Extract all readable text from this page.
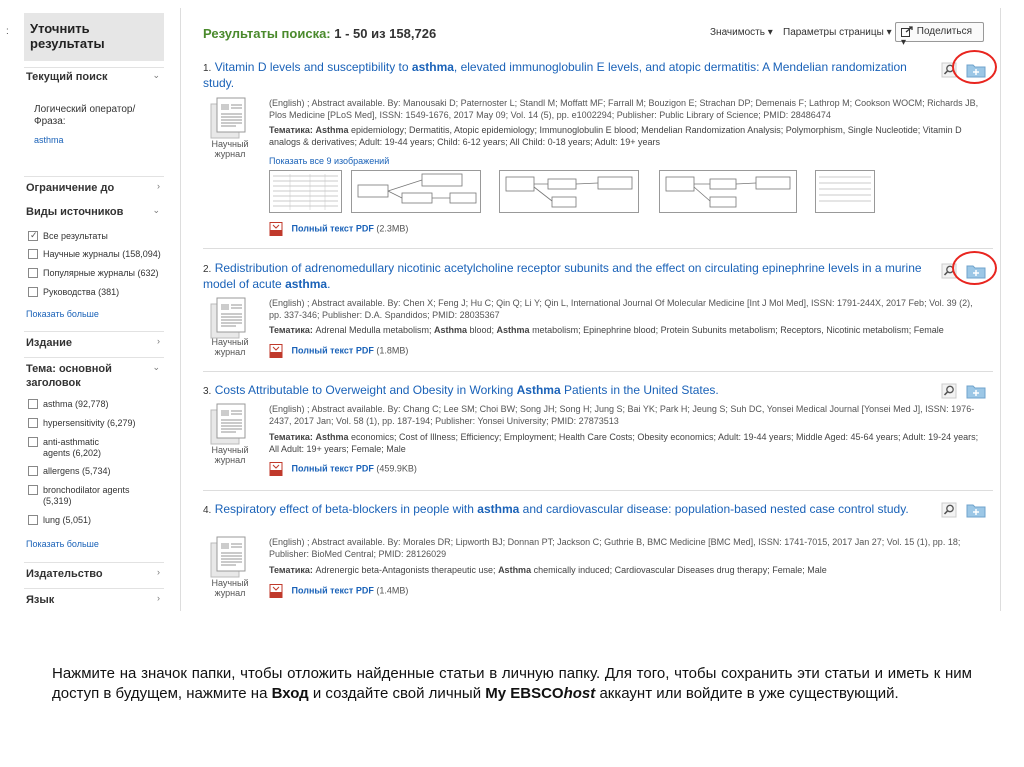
:	Уточнить результаты
Текущий поиск	⌄
Логический оператор/Фраза:
asthma
Ограничение до	›
Виды источников	⌄
✓
Все результаты
Научные журналы (158,094)
Популярные журналы (632)
Руководства (381)
Показать больше
Издание	›
Тема: основной заголовок
⌄
asthma (92,778)
hypersensitivity (6,279)
anti-asthmatic agents (6,202)
allergens (5,734)
bronchodilator agents (5,319)
lung (5,051)
Показать больше
Издательство	›
Язык	›
Результаты поиска: 1 - 50 из 158,726	Значимость ▾ Параметры страницы ▾	Поделиться ▾
1. Vitamin D levels and susceptibility to asthma, elevated immunoglobulin E levels, and atopic dermatitis: A Mendelian randomization study.
Научный журнал
(English) ; Abstract available. By: Manousaki D; Paternoster L; Standl M; Moffatt MF; Farrall M; Bouzigon E; Strachan DP; Demenais F; Lathrop M; Cookson WOCM; Richards JB, Plos Medicine [PLoS Med], ISSN: 1549-1676, 2017 May 09; Vol. 14 (5), pp. e1002294; Publisher: Public Library of Science; PMID: 28486474
Тематика: Asthma epidemiology; Dermatitis, Atopic epidemiology; Immunoglobulin E blood; Mendelian Randomization Analysis; Polymorphism, Single Nucleotide; Vitamin D analogs & derivatives; Adult: 19-44 years; Child: 6-12 years; All Child: 0-18 years; Adult: 19+ years
Показать все 9 изображений
Полный текст PDF (2.3MB)
2. Redistribution of adrenomedullary nicotinic acetylcholine receptor subunits and the effect on circulating epinephrine levels in a murine model of acute asthma.
Научный журнал
(English) ; Abstract available. By: Chen X; Feng J; Hu C; Qin Q; Li Y; Qin L, International Journal Of Molecular Medicine [Int J Mol Med], ISSN: 1791-244X, 2017 Feb; Vol. 39 (2), pp. 337-346; Publisher: D.A. Spandidos; PMID: 28035367
Тематика: Adrenal Medulla metabolism; Asthma blood; Asthma metabolism; Epinephrine blood; Protein Subunits metabolism; Receptors, Nicotinic metabolism; Female
Полный текст PDF (1.8MB)
3. Costs Attributable to Overweight and Obesity in Working Asthma Patients in the United States.
Научный журнал
(English) ; Abstract available. By: Chang C; Lee SM; Choi BW; Song JH; Song H; Jung S; Bai YK; Park H; Jeung S; Suh DC, Yonsei Medical Journal [Yonsei Med J], ISSN: 1976-2437, 2017 Jan; Vol. 58 (1), pp. 187-194; Publisher: Yonsei University; PMID: 27873513
Тематика: Asthma economics; Cost of Illness; Efficiency; Employment; Health Care Costs; Obesity economics; Adult: 19-44 years; Middle Aged: 45-64 years; Adult: 19-24 years; All Adult: 19+ years; Female; Male
Полный текст PDF (459.9KB)
4. Respiratory effect of beta-blockers in people with asthma and cardiovascular disease: population-based nested case control study.
Научный журнал
(English) ; Abstract available. By: Morales DR; Lipworth BJ; Donnan PT; Jackson C; Guthrie B, BMC Medicine [BMC Med], ISSN: 1741-7015, 2017 Jan 27; Vol. 15 (1), pp. 18; Publisher: BioMed Central; PMID: 28126029
Тематика: Adrenergic beta-Antagonists therapeutic use; Asthma chemically induced; Cardiovascular Diseases drug therapy; Female; Male
Полный текст PDF (1.4MB)
Нажмите на значок папки, чтобы отложить найденные статьи в личную папку. Для того, чтобы сохранить эти статьи и иметь к ним доступ в будущем, нажмите на Вход и создайте свой личный My EBSCOhost аккаунт или войдите в уже существующий.
